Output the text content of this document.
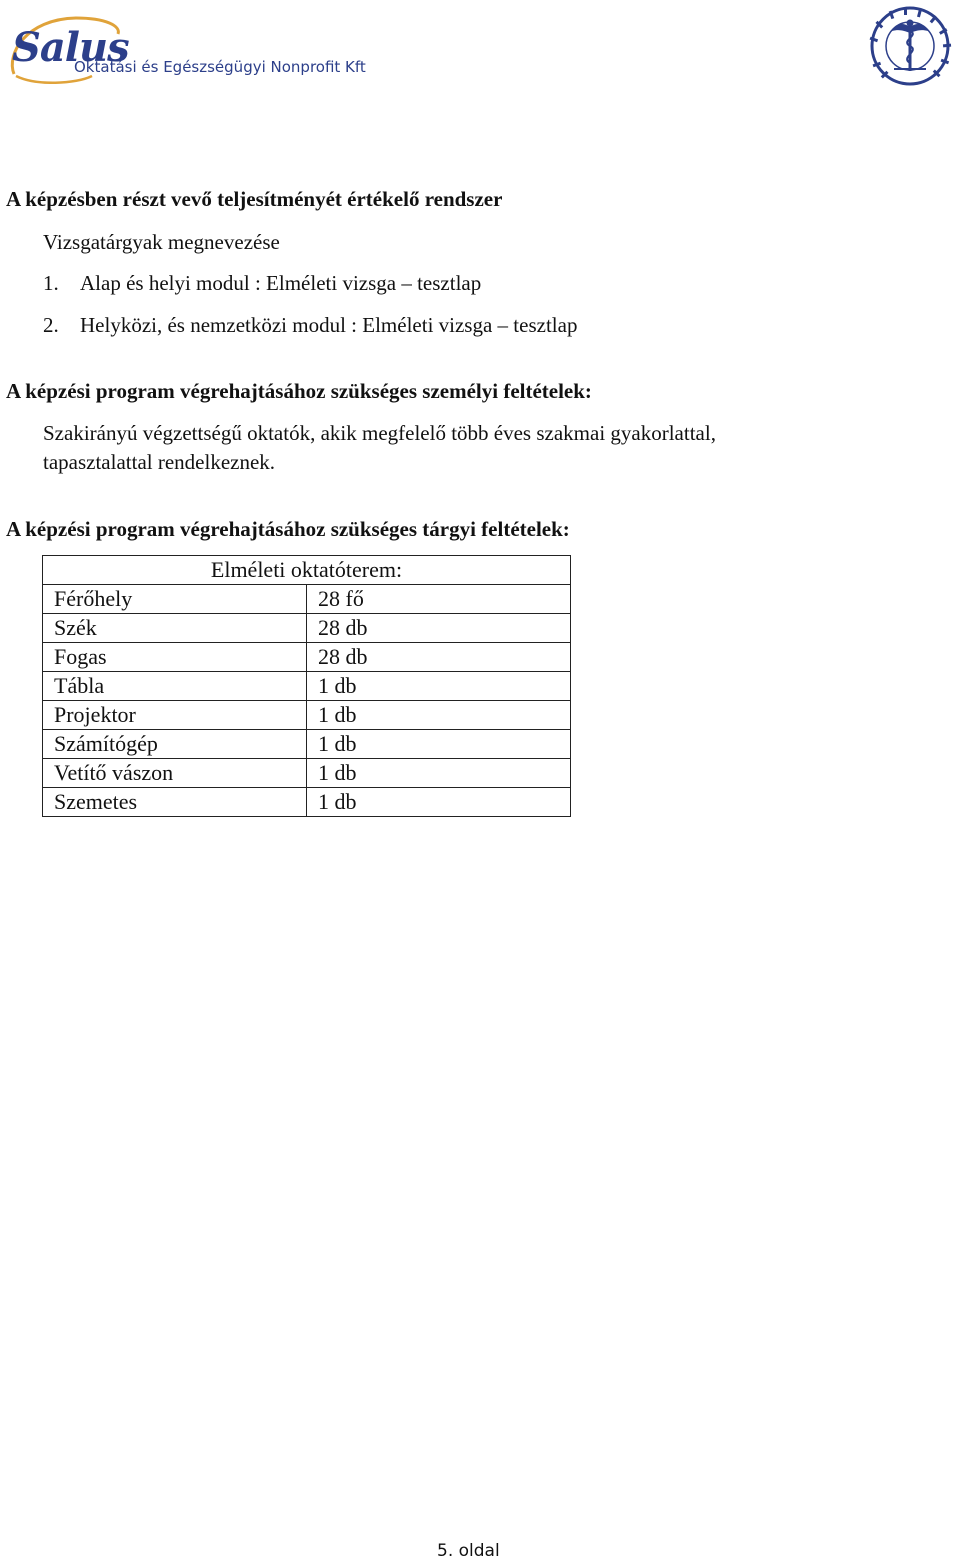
Salus
Oktatási és Egészségügyi Nonprofit Kft
A képzésben részt vevő teljesítményét értékelő rendszer
Vizsgatárgyak megnevezése
1. Alap és helyi modul : Elméleti vizsga – tesztlap
2. Helyközi, és nemzetközi modul : Elméleti vizsga – tesztlap
A képzési program végrehajtásához szükséges személyi feltételek:
Szakirányú végzettségű oktatók, akik megfelelő több éves szakmai gyakorlattal,
tapasztalattal rendelkeznek.
A képzési program végrehajtásához szükséges tárgyi feltételek:
Elméleti oktatóterem:	
Férőhely	28 fő
Szék	28 db
Fogas	28 db
Tábla	1 db
Projektor	1 db
Számítógép	1 db
Vetítő vászon	1 db
Szemetes	1 db
5. oldal
